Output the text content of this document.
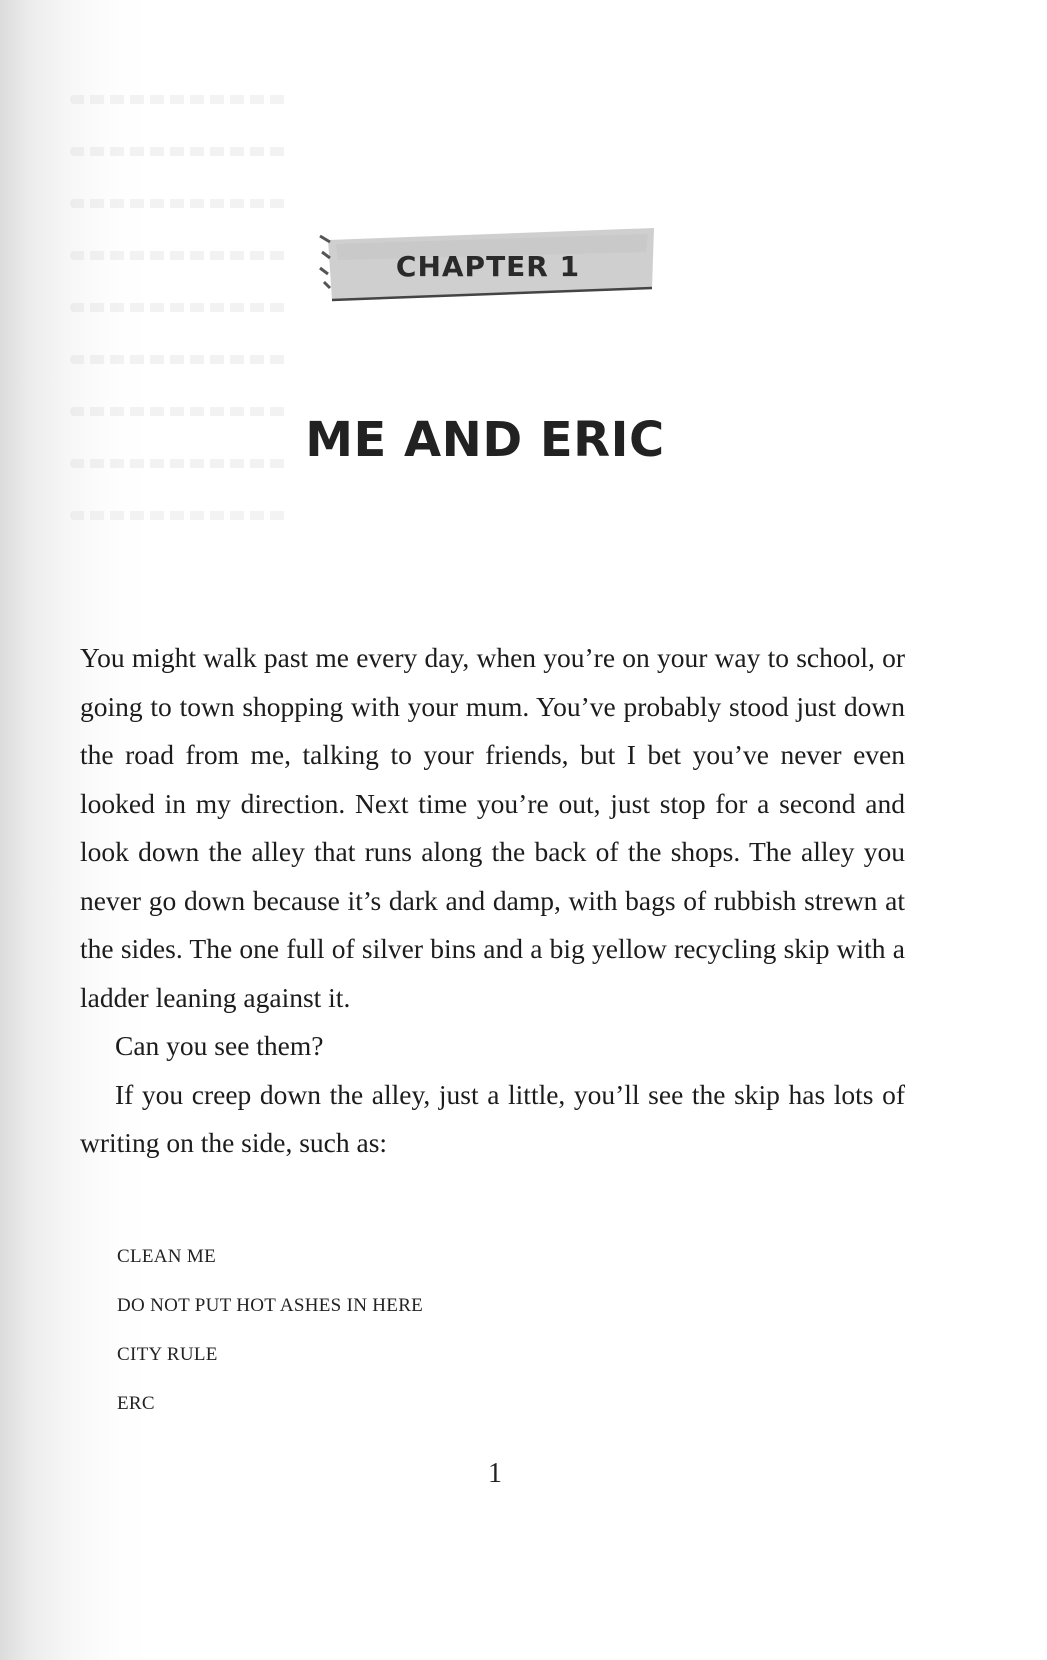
CHAPTER 1
ME AND ERIC

You might walk past me every day, when you’re on your way to school, or going to town shopping with your mum. You’ve probably stood just down the road from me, talking to your friends, but I bet you’ve never even looked in my direction. Next time you’re out, just stop for a second and look down the alley that runs along the back of the shops. The alley you never go down because it’s dark and damp, with bags of rubbish strewn at the sides. The one full of silver bins and a big yellow recycling skip with a ladder leaning against it.

Can you see them?

If you creep down the alley, just a little, you’ll see the skip has lots of writing on the side, such as:

CLEAN ME
DO NOT PUT HOT ASHES IN HERE
CITY RULE
ERC
1
